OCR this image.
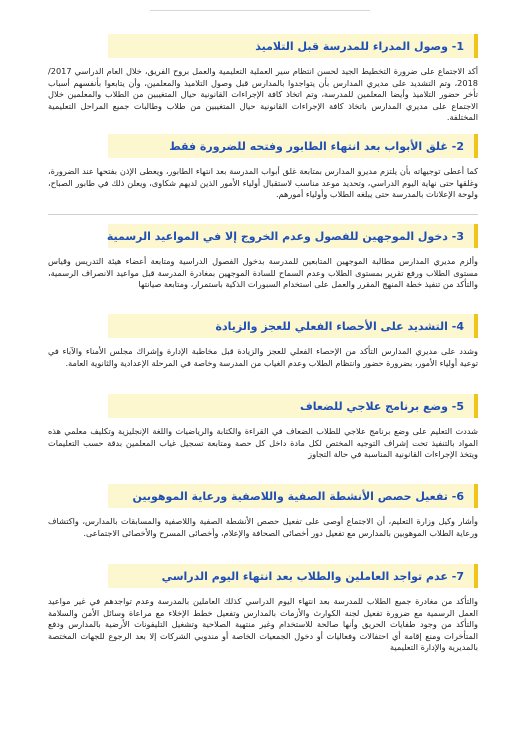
1- وصول المدراء للمدرسة قبل التلاميذ
أكد الاجتماع على ضرورة التخطيط الجيد لحسن انتظام سير العملية التعليمية والعمل بروح الفريق، خلال العام الدراسي 2017/ 2018، وتم التشديد على مديري المدارس بأن يتواجدوا بالمدارس قبل وصول التلاميذ والمعلمين، وأن يتابعوا بأنفسهم أسباب تأخر حضور التلاميذ وأيضا المعلمين للمدرسة، وتم اتخاذ كافة الإجراءات القانونية حيال المتغيبين من الطلاب والمعلمين خلال الاجتماع على مديري المدارس باتخاذ كافة الإجراءات القانونية حيال المتغيبين من طلاب وطالبات جميع المراحل التعليمية المختلفة.
2- غلق الأبواب بعد انتهاء الطابور وفتحه للضرورة فقط
كما أعطى توجيهاته بأن يلتزم مديرو المدارس بمتابعة غلق أبواب المدرسة بعد انتهاء الطابور، ويعطى الإذن بفتحها عند الضرورة، وغلقها حتى نهاية اليوم الدراسي، وتحديد موعد مناسب لاستقبال أولياء الأمور الذين لديهم شكاوى، ويعلن ذلك في طابور الصباح، ولوحة الإعلانات بالمدرسة حتى يبلغه الطلاب وأولياء أمورهم.
3- دخول الموجهين للفصول وعدم الخروج إلا في المواعيد الرسمية
وألزم مديري المدارس مطالبة الموجهين المتابعين للمدرسة بدخول الفصول الدراسية ومتابعة أعضاء هيئة التدريس وقياس مستوى الطلاب ورفع تقرير بمستوى الطلاب وعدم السماح للسادة الموجهين بمغادرة المدرسة قبل مواعيد الانصراف الرسمية، والتأكد من تنفيذ خطة المنهج المقرر والعمل على استخدام السبورات الذكية باستمرار، ومتابعة صيانتها
4- التشديد على الأحصاء الفعلي للعجز والزيادة
وشدد على مديري المدارس التأكد من الإحصاء الفعلي للعجز والزيادة قبل مخاطبة الإدارة وإشراك مجلس الأمناء والآباء في توعية أولياء الأمور، بضرورة حضور وانتظام الطلاب وعدم الغياب من المدرسة وخاصة في المرحلة الإعدادية والثانوية العامة.
5- وضع برنامج علاجي للضعاف
شددت التعليم على وضع برنامج علاجي للطلاب الضعاف في القراءة والكتابة والرياضيات واللغة الإنجليزية وتكليف معلمي هذه المواد بالتنفيذ تحت إشراف التوجيه المختص لكل مادة داخل كل حصة ومتابعة تسجيل غياب المعلمين بدقة حسب التعليمات ويتخذ الإجراءات القانونية المناسبة في حالة التجاوز
6- تفعيل حصص الأنشطة الصفية واللاصفية ورعاية الموهوبين
وأشار وكيل وزارة التعليم، أن الاجتماع أوصى على تفعيل حصص الأنشطة الصفية واللاصفية والمسابقات بالمدارس، واكتشاف ورعاية الطلاب الموهوبين بالمدارس مع تفعيل دور أخصائى الصحافة والإعلام، وأخصائى المسرح والأخصائى الاجتماعى.
7- عدم تواجد العاملين والطلاب بعد انتهاء اليوم الدراسي
والتأكد من مغادرة جميع الطلاب للمدرسة بعد انتهاء اليوم الدراسي كذلك العاملين بالمدرسة وعدم تواجدهم في غير مواعيد العمل الرسمية مع ضرورة تفعيل لجنة الكوارث والأزمات بالمدارس وتفعيل خطط الإخلاء مع مراعاة وسائل الأمن والسلامة والتأكد من وجود طفايات الحريق وأنها صالحة للاستخدام وغير منتهية الصلاحية وتشغيل التليفونات الأرضية بالمدارس ودفع المتأخرات ومنع إقامة أي احتفالات وفعاليات أو دخول الجمعيات الخاصة أو مندوبي الشركات إلا بعد الرجوع للجهات المختصة بالمديرية والإدارة التعليمية
